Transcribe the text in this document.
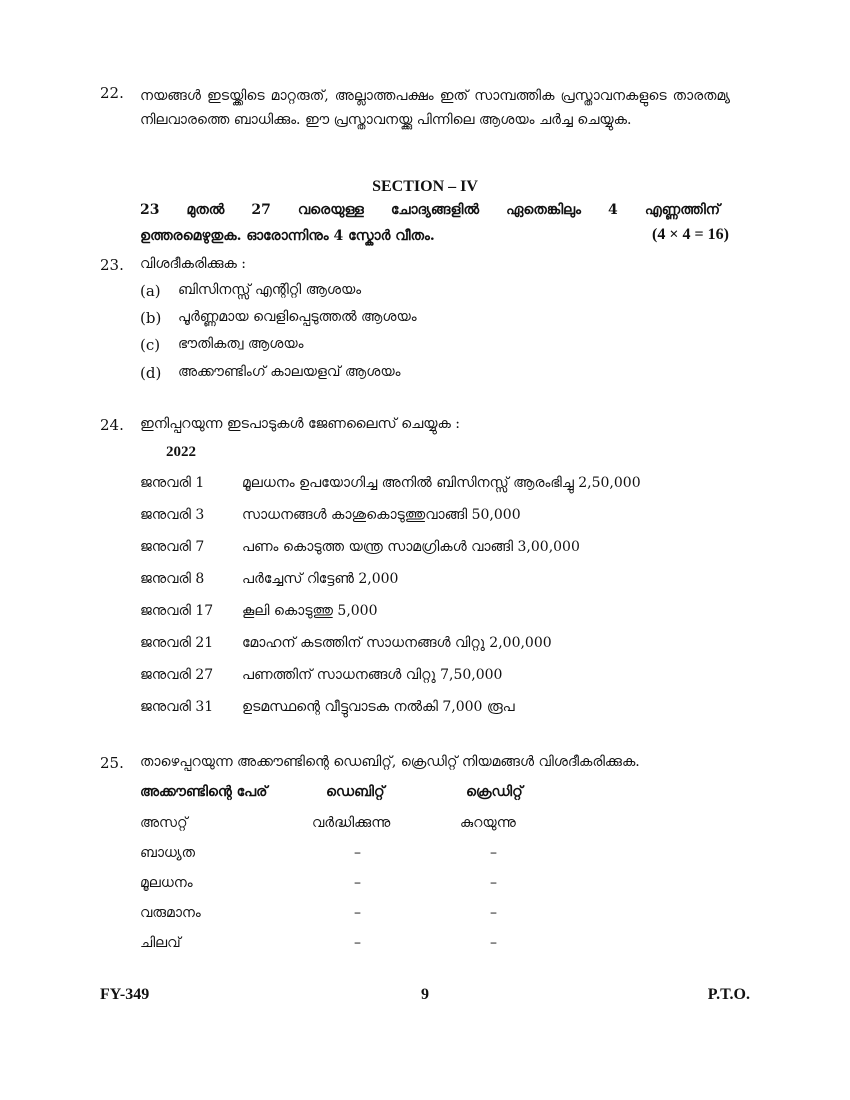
22. നയങ്ങൾ ഇടയ്ക്കിടെ മാറ്റരുത്, അല്ലാത്തപക്ഷം ഇത് സാമ്പത്തിക പ്രസ്താവനകളുടെ താരതമ്യ നിലവാരത്തെ ബാധിക്കും. ഈ പ്രസ്താവനയ്ക്കു പിന്നിലെ ആശയം ചർച്ച ചെയ്യുക.
SECTION – IV
23 മുതൽ 27 വരെയുള്ള ചോദ്യങ്ങളിൽ ഏതെങ്കിലും 4 എണ്ണത്തിന്
ഉത്തരമെഴുതുക. ഓരോന്നിനും 4 സ്കോർ വീതം.	(4 × 4 = 16)
23. വിശദീകരിക്കുക :
(a) ബിസിനസ്സ് എന്റിറ്റി ആശയം
(b) പൂർണ്ണമായ വെളിപ്പെടുത്തൽ ആശയം
(c) ഭൗതികത്വ ആശയം
(d) അക്കൗണ്ടിംഗ് കാലയളവ് ആശയം
24. ഇനിപ്പറയുന്ന ഇടപാടുകൾ ജേണലൈസ് ചെയ്യുക :
2022
ജനുവരി 1	മൂലധനം ഉപയോഗിച്ച അനിൽ ബിസിനസ്സ് ആരംഭിച്ചു 2,50,000
ജനുവരി 3	സാധനങ്ങൾ കാശുകൊടുത്തുവാങ്ങി 50,000
ജനുവരി 7	പണം കൊടുത്ത യന്ത്ര സാമഗ്രികൾ വാങ്ങി 3,00,000
ജനുവരി 8	പർച്ചേസ് റിട്ടേൺ 2,000
ജനുവരി 17 കൂലി കൊടുത്തു 5,000
ജനുവരി 21 മോഹന് കടത്തിന് സാധനങ്ങൾ വിറ്റു 2,00,000
ജനുവരി 27 പണത്തിന് സാധനങ്ങൾ വിറ്റു 7,50,000
ജനുവരി 31 ഉടമസ്ഥന്റെ വീട്ടുവാടക നൽകി 7,000 രൂപ
25. താഴെപ്പറയുന്ന അക്കൗണ്ടിന്റെ ഡെബിറ്റ്, ക്രെഡിറ്റ് നിയമങ്ങൾ വിശദീകരിക്കുക.
അക്കൗണ്ടിന്റെ പേര്	ഡെബിറ്റ്	ക്രെഡിറ്റ്
അസറ്റ്	വർദ്ധിക്കുന്നു	കുറയുന്നു
ബാധ്യത	–	–
മൂലധനം	–	–
വരുമാനം	–	–
ചിലവ്	–	–
FY-349	9	P.T.O.
